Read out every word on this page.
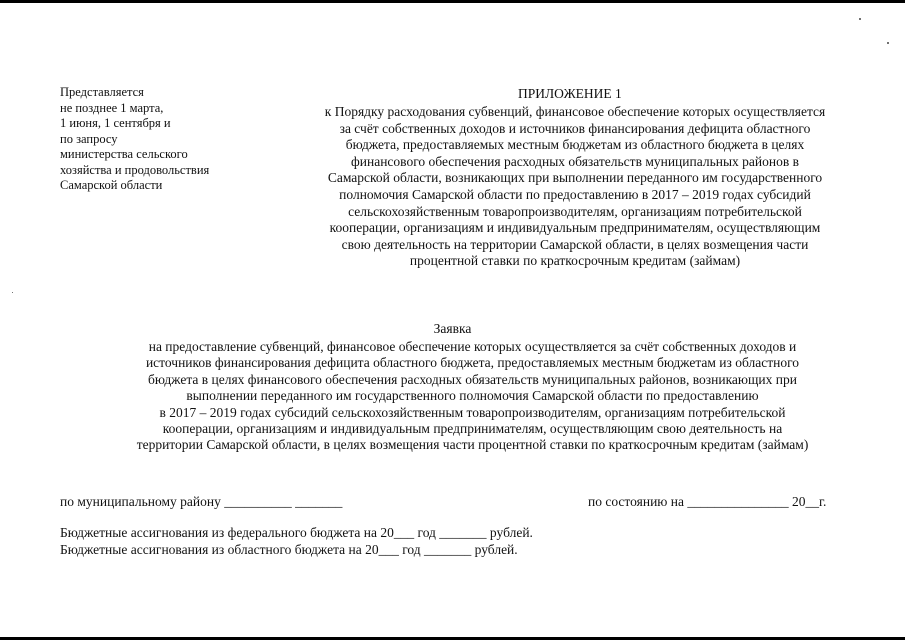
Представляется
не позднее 1 марта,
1 июня, 1 сентября и
по запросу
министерства сельского
хозяйства и продовольствия
Самарской области
ПРИЛОЖЕНИЕ 1
к Порядку расходования субвенций, финансовое обеспечение которых осуществляется
за счёт собственных доходов и источников финансирования дефицита областного
бюджета, предоставляемых местным бюджетам из областного бюджета в целях
финансового обеспечения расходных обязательств муниципальных районов в
Самарской области, возникающих при выполнении переданного им государственного
полномочия Самарской области по предоставлению в 2017 – 2019 годах субсидий
сельскохозяйственным товаропроизводителям, организациям потребительской
кооперации, организациям и индивидуальным предпринимателям, осуществляющим
свою деятельность на территории Самарской области, в целях возмещения части
процентной ставки по краткосрочным кредитам (займам)
Заявка
на предоставление субвенций, финансовое обеспечение которых осуществляется за счёт собственных доходов и
источников финансирования дефицита областного бюджета, предоставляемых местным бюджетам из областного
бюджета в целях финансового обеспечения расходных обязательств муниципальных районов, возникающих при
выполнении переданного им государственного полномочия Самарской области по предоставлению
в 2017 – 2019 годах субсидий сельскохозяйственным товаропроизводителям, организациям потребительской
кооперации, организациям и индивидуальным предпринимателям, осуществляющим свою деятельность на
территории Самарской области, в целях возмещения части процентной ставки по краткосрочным кредитам (займам)
по муниципальному району __________ _______	по состоянию на _______________ 20__г.
Бюджетные ассигнования из федерального бюджета на 20___ год _______ рублей.
Бюджетные ассигнования из областного бюджета на 20___ год _______ рублей.
